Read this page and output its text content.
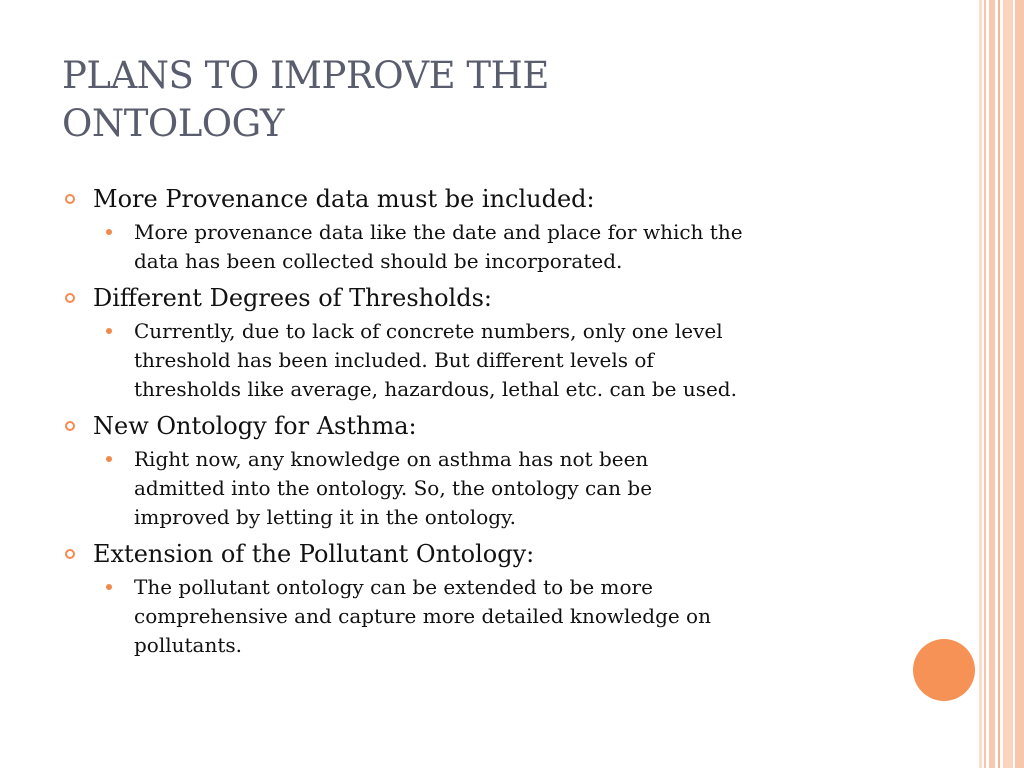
PLANS TO IMPROVE THE
ONTOLOGY
More Provenance data must be included:
More provenance data like the date and place for which the
data has been collected should be incorporated.
Different Degrees of Thresholds:
Currently, due to lack of concrete numbers, only one level
threshold has been included. But different levels of
thresholds like average, hazardous, lethal etc. can be used.
New Ontology for Asthma:
Right now, any knowledge on asthma has not been
admitted into the ontology. So, the ontology can be
improved by letting it in the ontology.
Extension of the Pollutant Ontology:
The pollutant ontology can be extended to be more
comprehensive and capture more detailed knowledge on
pollutants.
